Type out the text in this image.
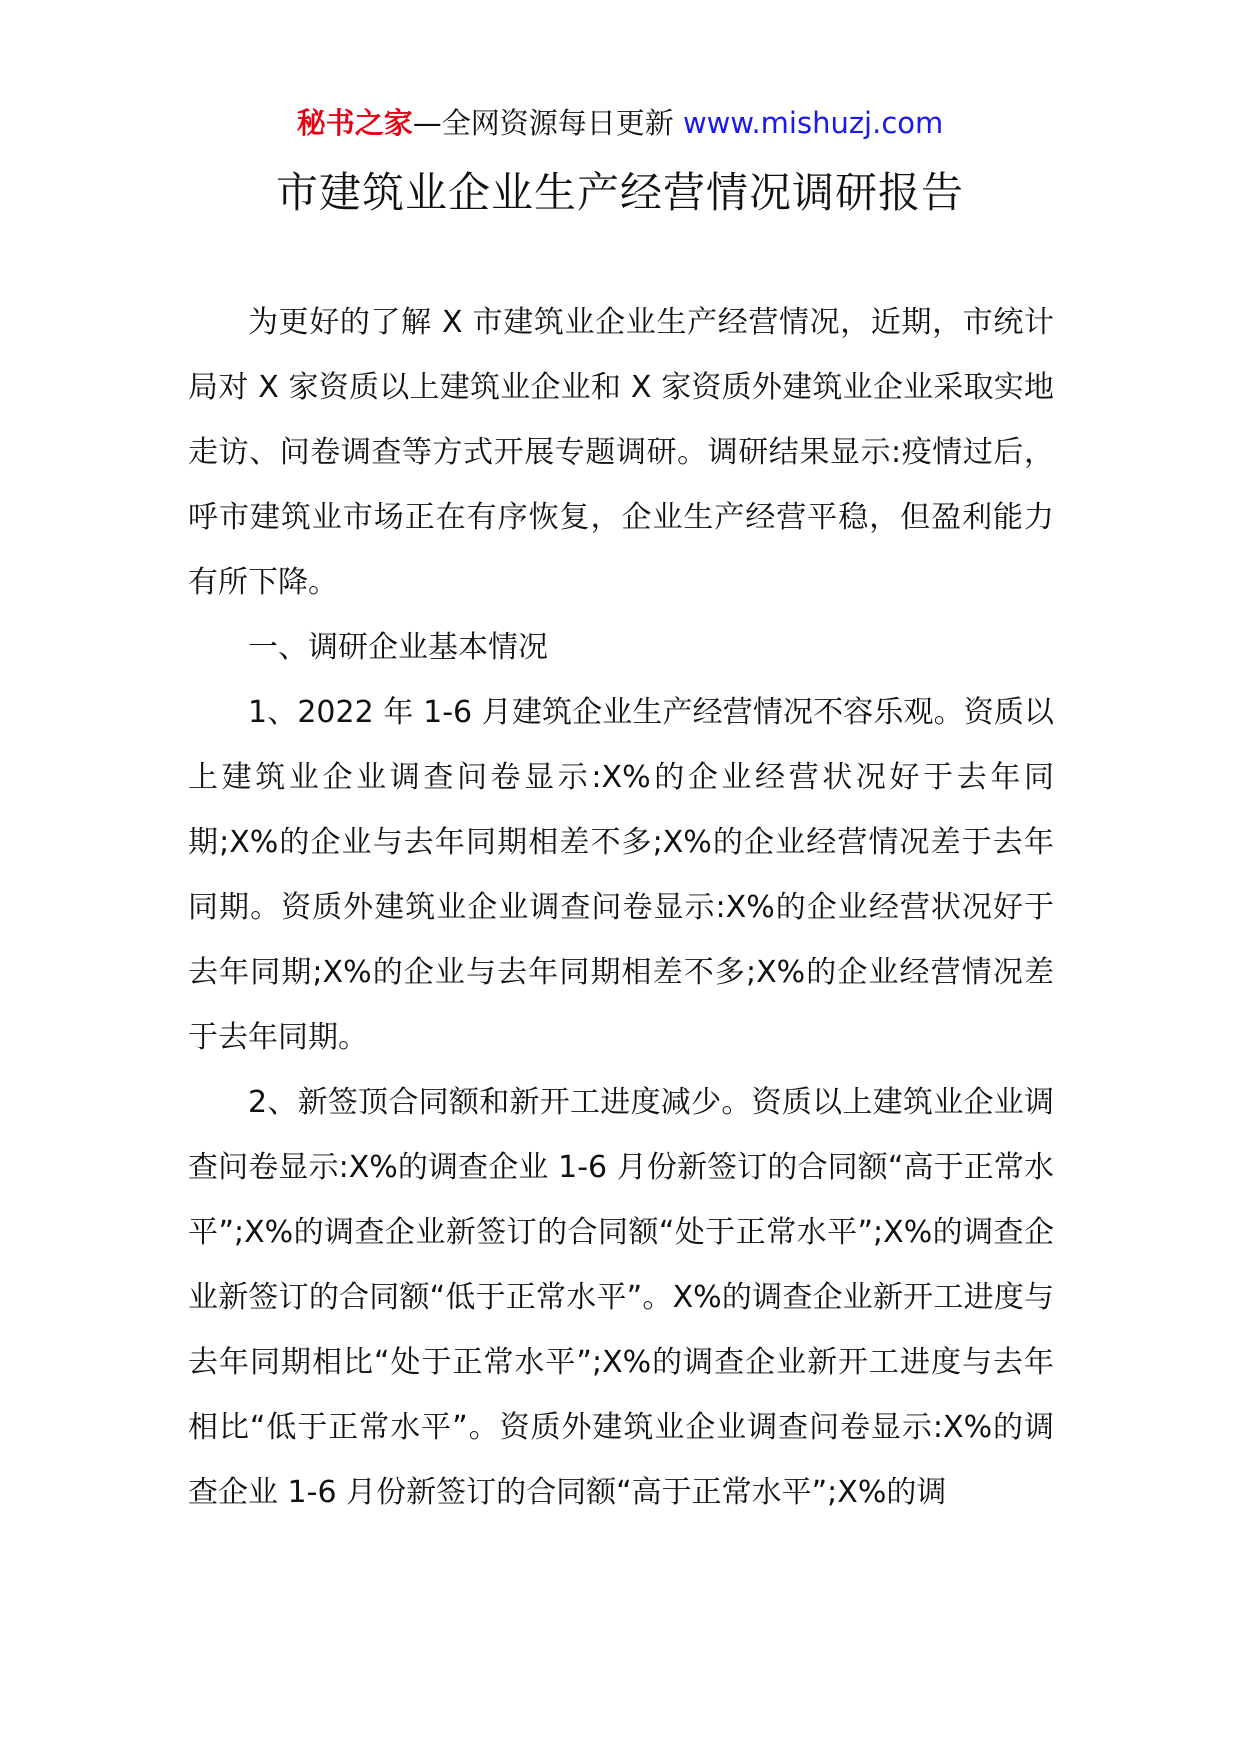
秘书之家—全网资源每日更新 www.mishuzj.com
市建筑业企业生产经营情况调研报告

为更好的了解 X 市建筑业企业生产经营情况，近期，市统计局对 X 家资质以上建筑业企业和 X 家资质外建筑业企业采取实地走访、问卷调查等方式开展专题调研。调研结果显示:疫情过后，呼市建筑业市场正在有序恢复，企业生产经营平稳，但盈利能力有所下降。

一、调研企业基本情况

1、2022 年 1-6 月建筑企业生产经营情况不容乐观。资质以上建筑业企业调查问卷显示:X%的企业经营状况好于去年同期;X%的企业与去年同期相差不多;X%的企业经营情况差于去年同期。资质外建筑业企业调查问卷显示:X%的企业经营状况好于去年同期;X%的企业与去年同期相差不多;X%的企业经营情况差于去年同期。

2、新签顶合同额和新开工进度减少。资质以上建筑业企业调查问卷显示:X%的调查企业 1-6 月份新签订的合同额“高于正常水平”;X%的调查企业新签订的合同额“处于正常水平”;X%的调查企业新签订的合同额“低于正常水平”。X%的调查企业新开工进度与去年同期相比“处于正常水平”;X%的调查企业新开工进度与去年相比“低于正常水平”。资质外建筑业企业调查问卷显示:X%的调查企业 1-6 月份新签订的合同额“高于正常水平”;X%的调
